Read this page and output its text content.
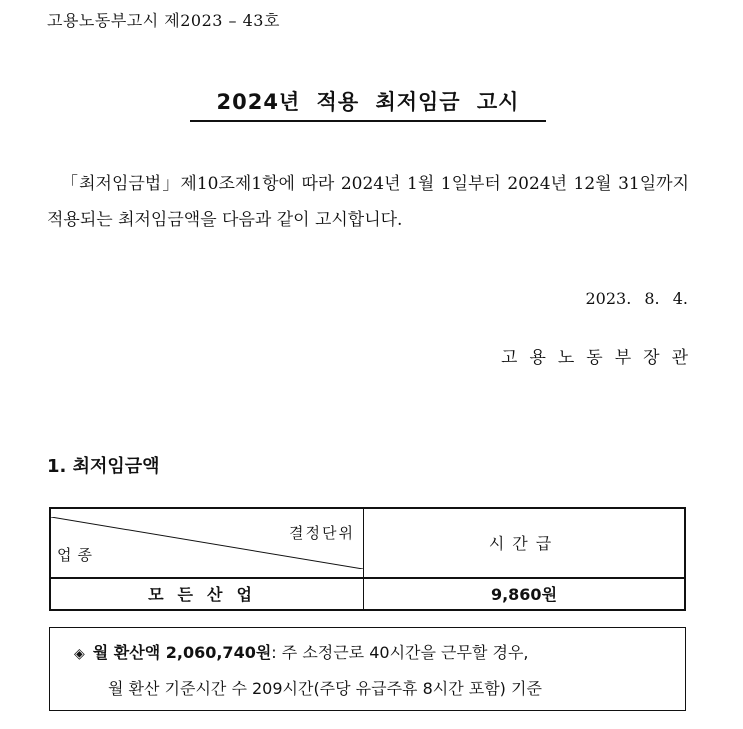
고용노동부고시 제2023 – 43호
2024년 적용 최저임금 고시

「최저임금법」제10조제1항에 따라 2024년 1월 1일부터 2024년 12월 31일까지 적용되는 최저임금액을 다음과 같이 고시합니다.

2023. 8. 4.
고용노동부장관
1. 최저임금액
결정단위
업종	시간급
모든산업	9,860원
◈ 월 환산액 2,060,740원: 주 소정근로 40시간을 근무할 경우,
월 환산 기준시간 수 209시간(주당 유급주휴 8시간 포함) 기준
